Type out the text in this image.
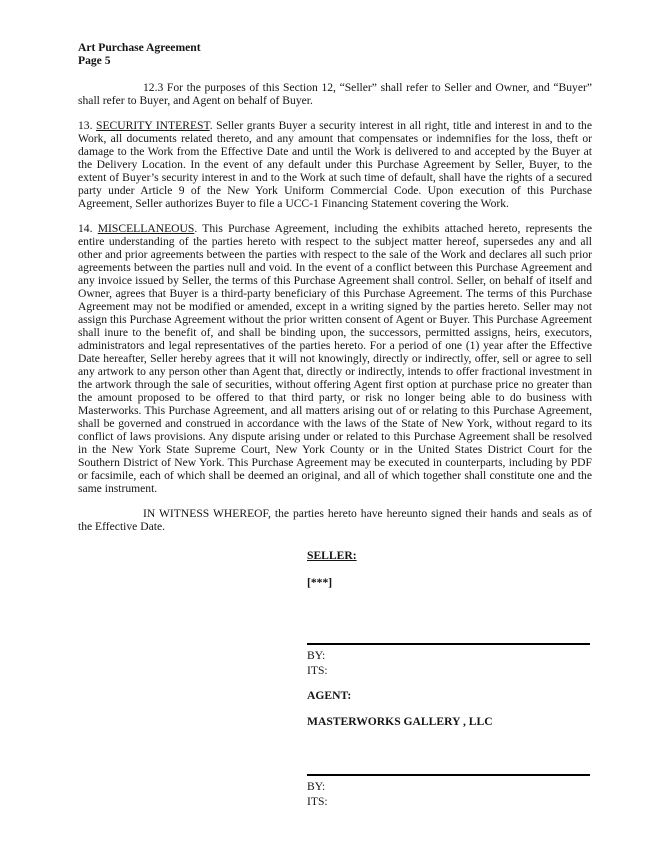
Art Purchase Agreement
Page 5

12.3 For the purposes of this Section 12, “Seller” shall refer to Seller and Owner, and “Buyer” shall refer to Buyer, and Agent on behalf of Buyer.

13. SECURITY INTEREST. Seller grants Buyer a security interest in all right, title and interest in and to the Work, all documents related thereto, and any amount that compensates or indemnifies for the loss, theft or damage to the Work from the Effective Date and until the Work is delivered to and accepted by the Buyer at the Delivery Location. In the event of any default under this Purchase Agreement by Seller, Buyer, to the extent of Buyer’s security interest in and to the Work at such time of default, shall have the rights of a secured party under Article 9 of the New York Uniform Commercial Code. Upon execution of this Purchase Agreement, Seller authorizes Buyer to file a UCC-1 Financing Statement covering the Work.

14. MISCELLANEOUS. This Purchase Agreement, including the exhibits attached hereto, represents the entire understanding of the parties hereto with respect to the subject matter hereof, supersedes any and all other and prior agreements between the parties with respect to the sale of the Work and declares all such prior agreements between the parties null and void. In the event of a conflict between this Purchase Agreement and any invoice issued by Seller, the terms of this Purchase Agreement shall control. Seller, on behalf of itself and Owner, agrees that Buyer is a third-party beneficiary of this Purchase Agreement. The terms of this Purchase Agreement may not be modified or amended, except in a writing signed by the parties hereto. Seller may not assign this Purchase Agreement without the prior written consent of Agent or Buyer. This Purchase Agreement shall inure to the benefit of, and shall be binding upon, the successors, permitted assigns, heirs, executors, administrators and legal representatives of the parties hereto. For a period of one (1) year after the Effective Date hereafter, Seller hereby agrees that it will not knowingly, directly or indirectly, offer, sell or agree to sell any artwork to any person other than Agent that, directly or indirectly, intends to offer fractional investment in the artwork through the sale of securities, without offering Agent first option at purchase price no greater than the amount proposed to be offered to that third party, or risk no longer being able to do business with Masterworks. This Purchase Agreement, and all matters arising out of or relating to this Purchase Agreement, shall be governed and construed in accordance with the laws of the State of New York, without regard to its conflict of laws provisions. Any dispute arising under or related to this Purchase Agreement shall be resolved in the New York State Supreme Court, New York County or in the United States District Court for the Southern District of New York. This Purchase Agreement may be executed in counterparts, including by PDF or facsimile, each of which shall be deemed an original, and all of which together shall constitute one and the same instrument.

IN WITNESS WHEREOF, the parties hereto have hereunto signed their hands and seals as of the Effective Date.

SELLER:
[***]
BY:
ITS:
AGENT:
MASTERWORKS GALLERY , LLC
BY:
ITS:
